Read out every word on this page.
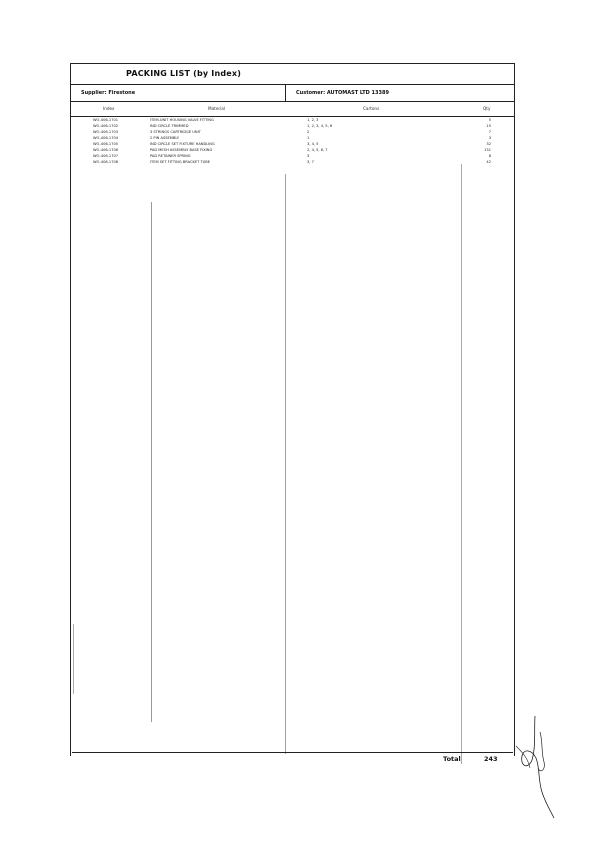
PACKING LIST (by Index)
Supplier: Firestone	Customer: AUTOMAST LTD 13389
Index	Material	Cartons	Qty
WO-406-1701	ITEM-UNIT HOUSING VALVE FITTING	1, 2, 3	5
WO-406-1702	IND CIRCLE TRIMMED	1, 2, 3, 4, 5, 6	15
WO-406-1703	3 STRINGS CARTRIDGE UNIT	2	7
WO-406-1704	2 PIN ASSEMBLY	1	3
WO-406-1705	IND CIRCLE SET FIXTURE HANDLING	3, 4, 5	32
WO-406-1706	PAD MESH ASSEMBLY BASE FIXING	2, 4, 5, 6, 7	131
WO-406-1707	PAD RETAINER SPRING	3	8
WO-406-1708	ITEM SET FITTING BRACKET TUBE	3, 7	42
Total	243
